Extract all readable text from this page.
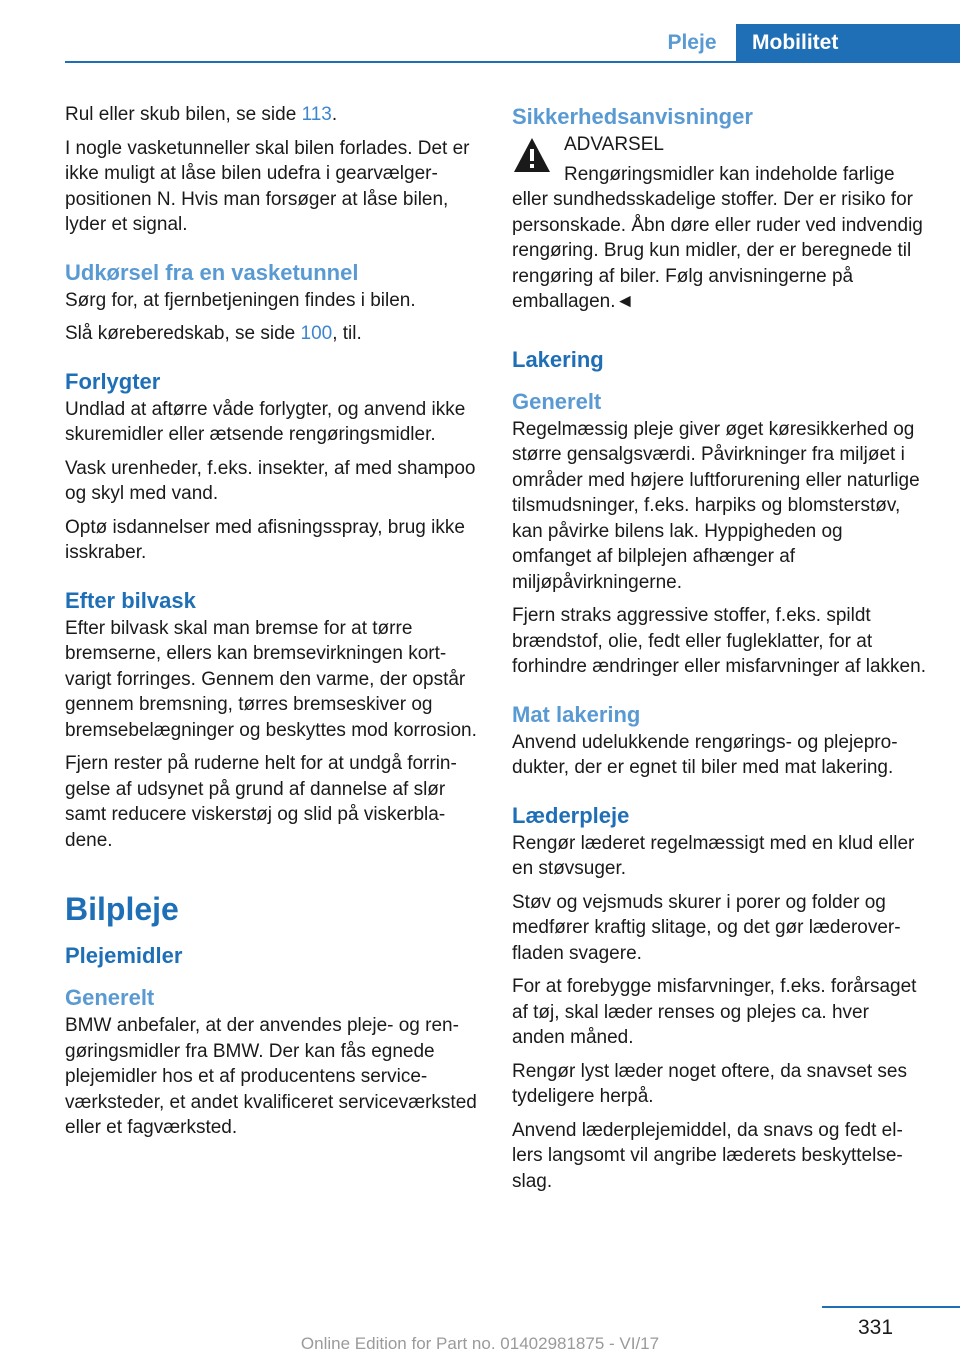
Pleje	Mobilitet

Rul eller skub bilen, se side 113.

I nogle vasketunneller skal bilen forlades. Det er ikke muligt at låse bilen udefra i gearvælgerpositionen N. Hvis man forsøger at låse bilen, lyder et signal.

Udkørsel fra en vasketunnel

Sørg for, at fjernbetjeningen findes i bilen.

Slå køreberedskab, se side 100, til.

Forlygter

Undlad at aftørre våde forlygter, og anvend ikke skuremidler eller ætsende rengøringsmidler.

Vask urenheder, f.eks. insekter, af med shampoo og skyl med vand.

Optø isdannelser med afisningsspray, brug ikke isskraber.

Efter bilvask

Efter bilvask skal man bremse for at tørre bremserne, ellers kan bremsevirkningen kortvarigt forringes. Gennem den varme, der opstår gennem bremsning, tørres bremseskiver og bremsebelægninger og beskyttes mod korrosion.

Fjern rester på ruderne helt for at undgå forringelse af udsynet på grund af dannelse af slør samt reducere viskerstøj og slid på viskerbladene.

Bilpleje
Plejemidler
Generelt

BMW anbefaler, at der anvendes pleje- og rengøringsmidler fra BMW. Der kan fås egnede plejemidler hos et af producentens serviceværksteder, et andet kvalificeret serviceværksted eller et fagværksted.

Sikkerhedsanvisninger

ADVARSEL

Rengøringsmidler kan indeholde farlige

eller sundhedsskadelige stoffer. Der er risiko for personskade. Åbn døre eller ruder ved indvendig rengøring. Brug kun midler, der er beregnede til rengøring af biler. Følg anvisningerne på emballagen.◄

Lakering
Generelt

Regelmæssig pleje giver øget køresikkerhed og større gensalgsværdi. Påvirkninger fra miljøet i områder med højere luftforurening eller naturlige tilsmudsninger, f.eks. harpiks og blomsterstøv, kan påvirke bilens lak. Hyppigheden og omfanget af bilplejen afhænger af miljøpåvirkningerne.

Fjern straks aggressive stoffer, f.eks. spildt brændstof, olie, fedt eller fugleklatter, for at forhindre ændringer eller misfarvninger af lakken.

Mat lakering

Anvend udelukkende rengørings- og plejeprodukter, der er egnet til biler med mat lakering.

Læderpleje

Rengør læderet regelmæssigt med en klud eller en støvsuger.

Støv og vejsmuds skurer i porer og folder og medfører kraftig slitage, og det gør læderoverfladen svagere.

For at forebygge misfarvninger, f.eks. forårsaget af tøj, skal læder renses og plejes ca. hver anden måned.

Rengør lyst læder noget oftere, da snavset ses tydeligere herpå.

Anvend læderplejemiddel, da snavs og fedt ellers langsomt vil angribe læderets beskyttelseslag.

331
Online Edition for Part no. 01402981875 - VI/17
